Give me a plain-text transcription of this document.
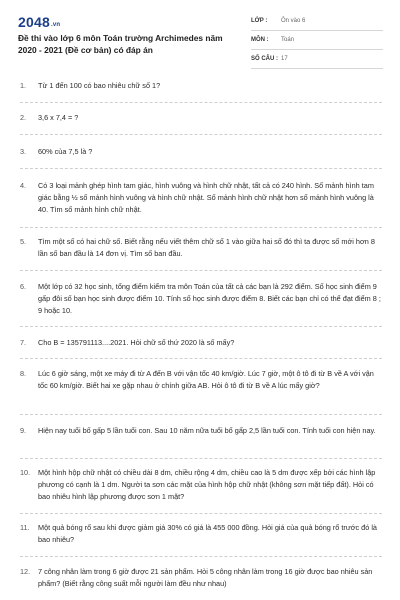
2048.vn
Đề thi vào lớp 6 môn Toán trường Archimedes năm 2020 - 2021 (Đề cơ bản) có đáp án
LỚP :	Ôn vào 6
MÔN :	Toán
SỐ CÂU : 17
1.	Từ 1 đến 100 có bao nhiêu chữ số 1?
2.	3,6 x 7,4 = ?
3.	60% của 7,5 là ?
4.	Có 3 loại mảnh ghép hình tam giác, hình vuông và hình chữ nhật, tất cả có 240 hình. Số mảnh hình tam giác bằng ½ số mảnh hình vuông và hình chữ nhật. Số mảnh hình chữ nhật hơn số mảnh hình vuông là 40. Tìm số mảnh hình chữ nhật.
5.	Tìm một số có hai chữ số. Biết rằng nếu viết thêm chữ số 1 vào giữa hai số đó thì ta được số mới hơn 8 lần số ban đầu là 14 đơn vị. Tìm số ban đầu.
6.	Một lớp có 32 học sinh, tổng điểm kiểm tra môn Toán của tất cả các bạn là 292 điểm. Số học sinh điểm 9 gấp đôi số bạn học sinh được điểm 10. Tính số học sinh được điểm 8. Biết các bạn chỉ có thể đạt điểm 8 ; 9 hoặc 10.
7.	Cho B = 135791113....2021. Hỏi chữ số thứ 2020 là số mấy?
8.	Lúc 6 giờ sáng, một xe máy đi từ A đến B với vận tốc 40 km/giờ. Lúc 7 giờ, một ô tô đi từ B về A với vận tốc 60 km/giờ. Biết hai xe gặp nhau ở chính giữa AB. Hỏi ô tô đi từ B về A lúc mấy giờ?
9.	Hiện nay tuổi bố gấp 5 lần tuổi con. Sau 10 năm nữa tuổi bố gấp 2,5 lần tuổi con. Tính tuổi con hiện nay.
10.	Một hình hộp chữ nhật có chiều dài 8 dm, chiều rộng 4 dm, chiều cao là 5 dm được xếp bởi các hình lập phương có cạnh là 1 dm. Người ta sơn các mặt của hình hộp chữ nhật (không sơn mặt tiếp đất). Hỏi có bao nhiêu hình lập phương được sơn 1 mặt?
11.	Một quả bóng rổ sau khi được giảm giá 30% có giá là 455 000 đồng. Hỏi giá của quả bóng rổ trước đó là bao nhiêu?
12.	7 công nhân làm trong 6 giờ được 21 sản phẩm. Hỏi 5 công nhân làm trong 16 giờ được bao nhiêu sản phẩm? (Biết rằng công suất mỗi người làm đều như nhau)
